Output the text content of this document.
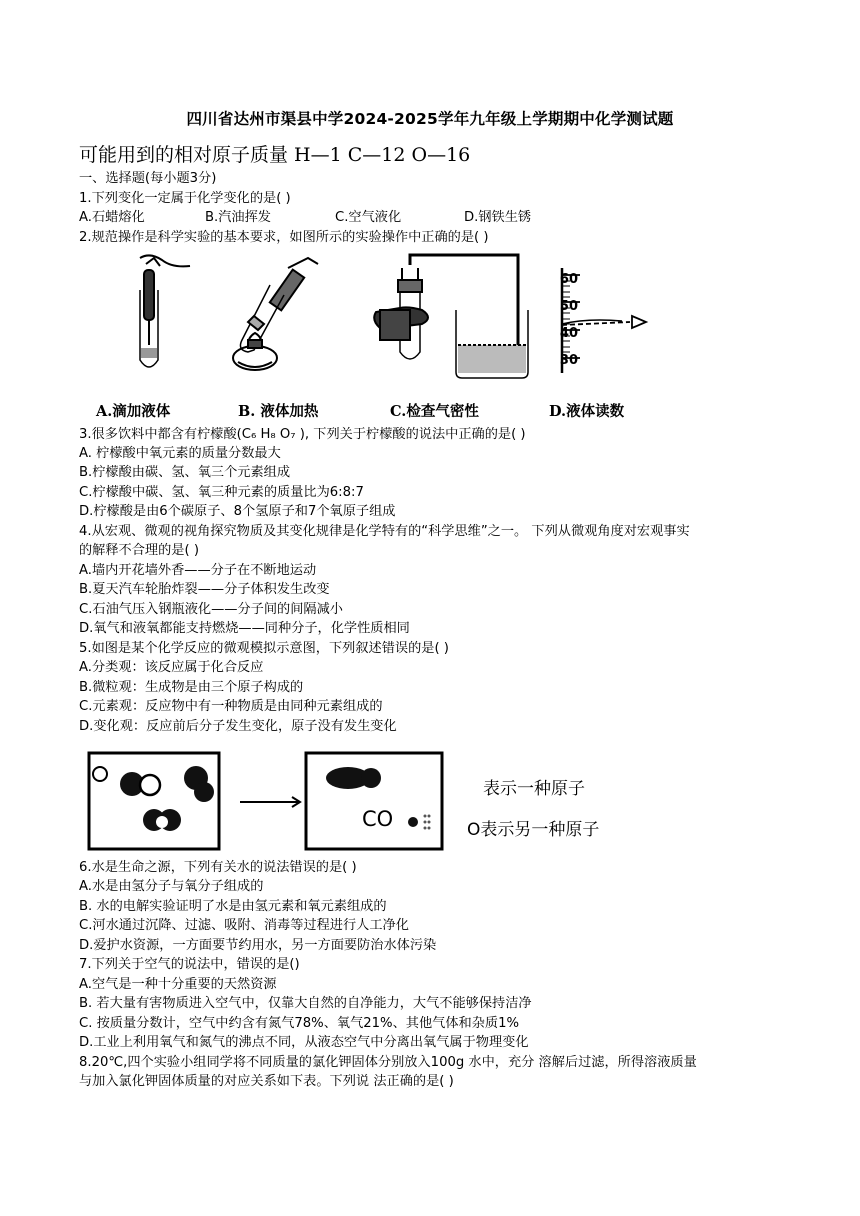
四川省达州市渠县中学2024-2025学年九年级上学期期中化学测试题
可能用到的相对原子质量 H—1 C—12 O—16
一、选择题(每小题3分)
1.下列变化一定属于化学变化的是( )
A.石蜡熔化	B.汽油挥发	C.空气液化	D.钢铁生锈
2.规范操作是科学实验的基本要求，如图所示的实验操作中正确的是( )
60
50
40
30
A.滴加液体	B. 液体加热	C.检查气密性	D.液体读数
3.很多饮料中都含有柠檬酸(C₆ H₈ O₇ ), 下列关于柠檬酸的说法中正确的是( )
A. 柠檬酸中氧元素的质量分数最大
B.柠檬酸由碳、氢、氧三个元素组成
C.柠檬酸中碳、氢、氧三种元素的质量比为6:8:7
D.柠檬酸是由6个碳原子、8个氢原子和7个氧原子组成
4.从宏观、微观的视角探究物质及其变化规律是化学特有的“科学思维”之一。 下列从微观角度对宏观事实
的解释不合理的是( )
A.墙内开花墙外香——分子在不断地运动
B.夏天汽车轮胎炸裂——分子体积发生改变
C.石油气压入钢瓶液化——分子间的间隔减小
D.氧气和液氧都能支持燃烧——同种分子，化学性质相同
5.如图是某个化学反应的微观模拟示意图，下列叙述错误的是( )
A.分类观：该反应属于化合反应
B.微粒观：生成物是由三个原子构成的
C.元素观：反应物中有一种物质是由同种元素组成的
D.变化观：反应前后分子发生变化，原子没有发生变化
CO
表示一种原子
O表示另一种原子
6.水是生命之源，下列有关水的说法错误的是( )
A.水是由氢分子与氧分子组成的
B. 水的电解实验证明了水是由氢元素和氧元素组成的
C.河水通过沉降、过滤、吸附、消毒等过程进行人工净化
D.爱护水资源，一方面要节约用水，另一方面要防治水体污染
7.下列关于空气的说法中，错误的是()
A.空气是一种十分重要的天然资源
B. 若大量有害物质进入空气中，仅靠大自然的自净能力，大气不能够保持洁净
C. 按质量分数计，空气中约含有氮气78%、氧气21%、其他气体和杂质1%
D.工业上利用氧气和氮气的沸点不同，从液态空气中分离出氧气属于物理变化
8.20℃,四个实验小组同学将不同质量的氯化钾固体分别放入100g 水中，充分 溶解后过滤，所得溶液质量
与加入氯化钾固体质量的对应关系如下表。下列说 法正确的是( )
